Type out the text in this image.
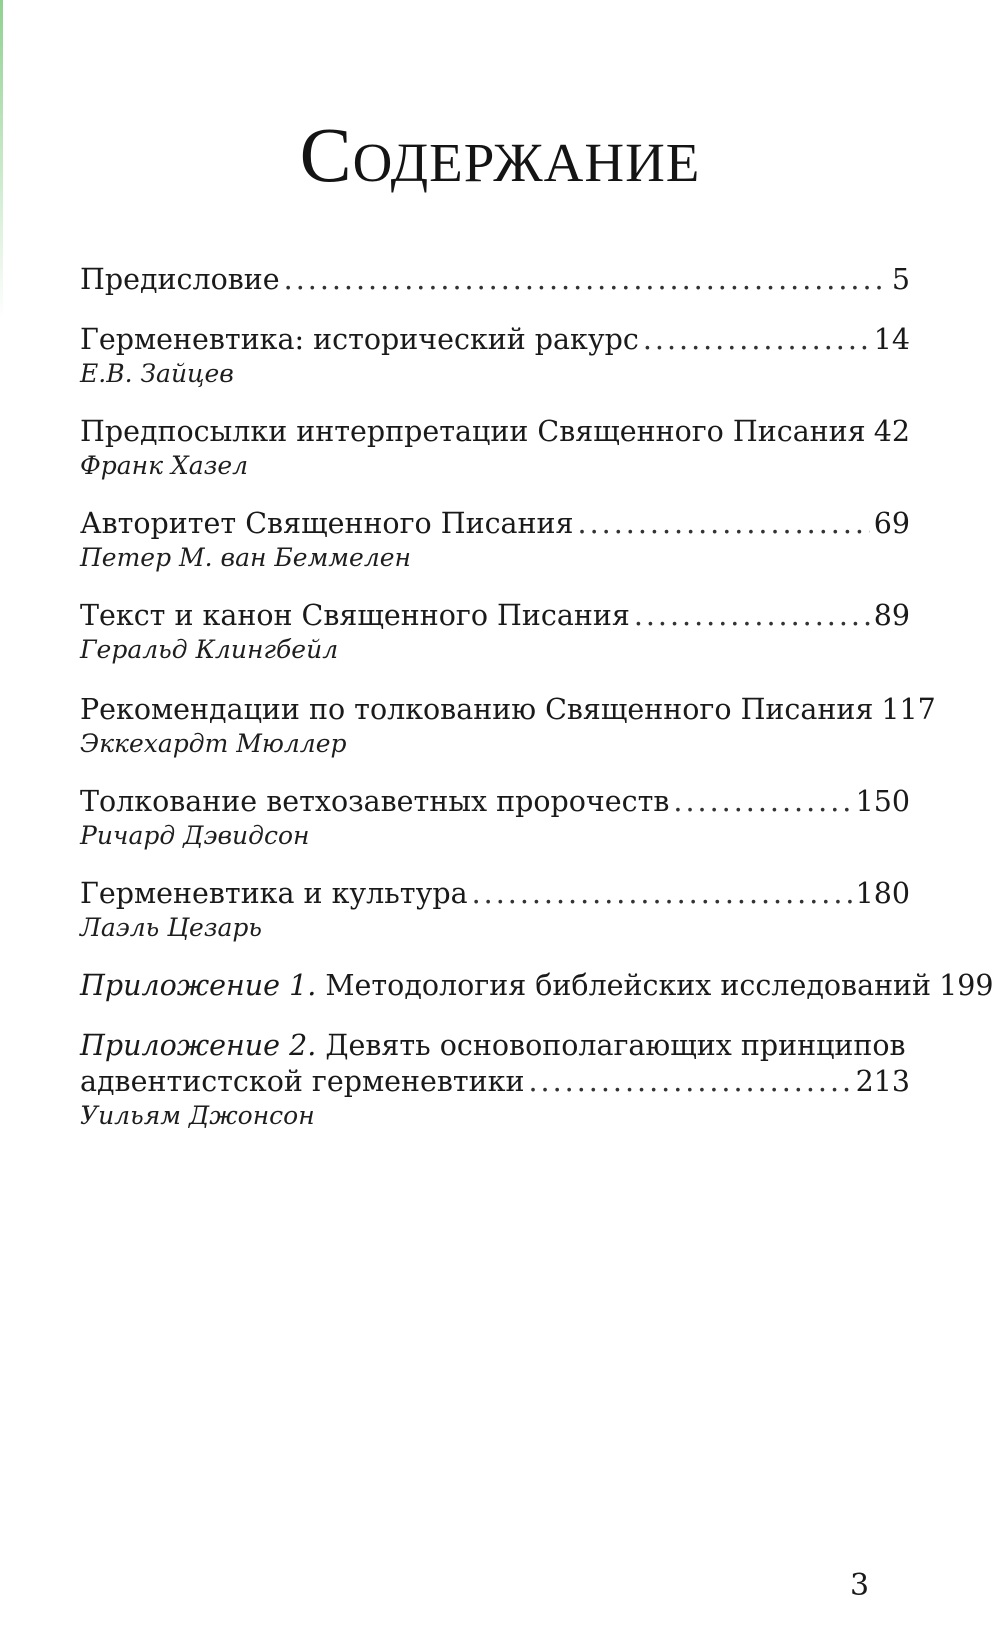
Содержание
Предисловие .....	5
Герменевтика: исторический ракурс .....	14
Е.В. Зайцев
Предпосылки интерпретации Священного Писания ..... 42
Франк Хазел
Авторитет Священного Писания .....	69
Петер М. ван Беммелен
Текст и канон Священного Писания .....	89
Геральд Клингбейл
Рекомендации по толкованию Священного Писания 117
Эккехардт Мюллер
Толкование ветхозаветных пророчеств .....	150
Ричард Дэвидсон
Герменевтика и культура .....	180
Лаэль Цезарь
Приложение 1. Методология библейских исследований 199
Приложение 2. Девять основополагающих принципов
адвентистской герменевтики .....	213
Уильям Джонсон
3
